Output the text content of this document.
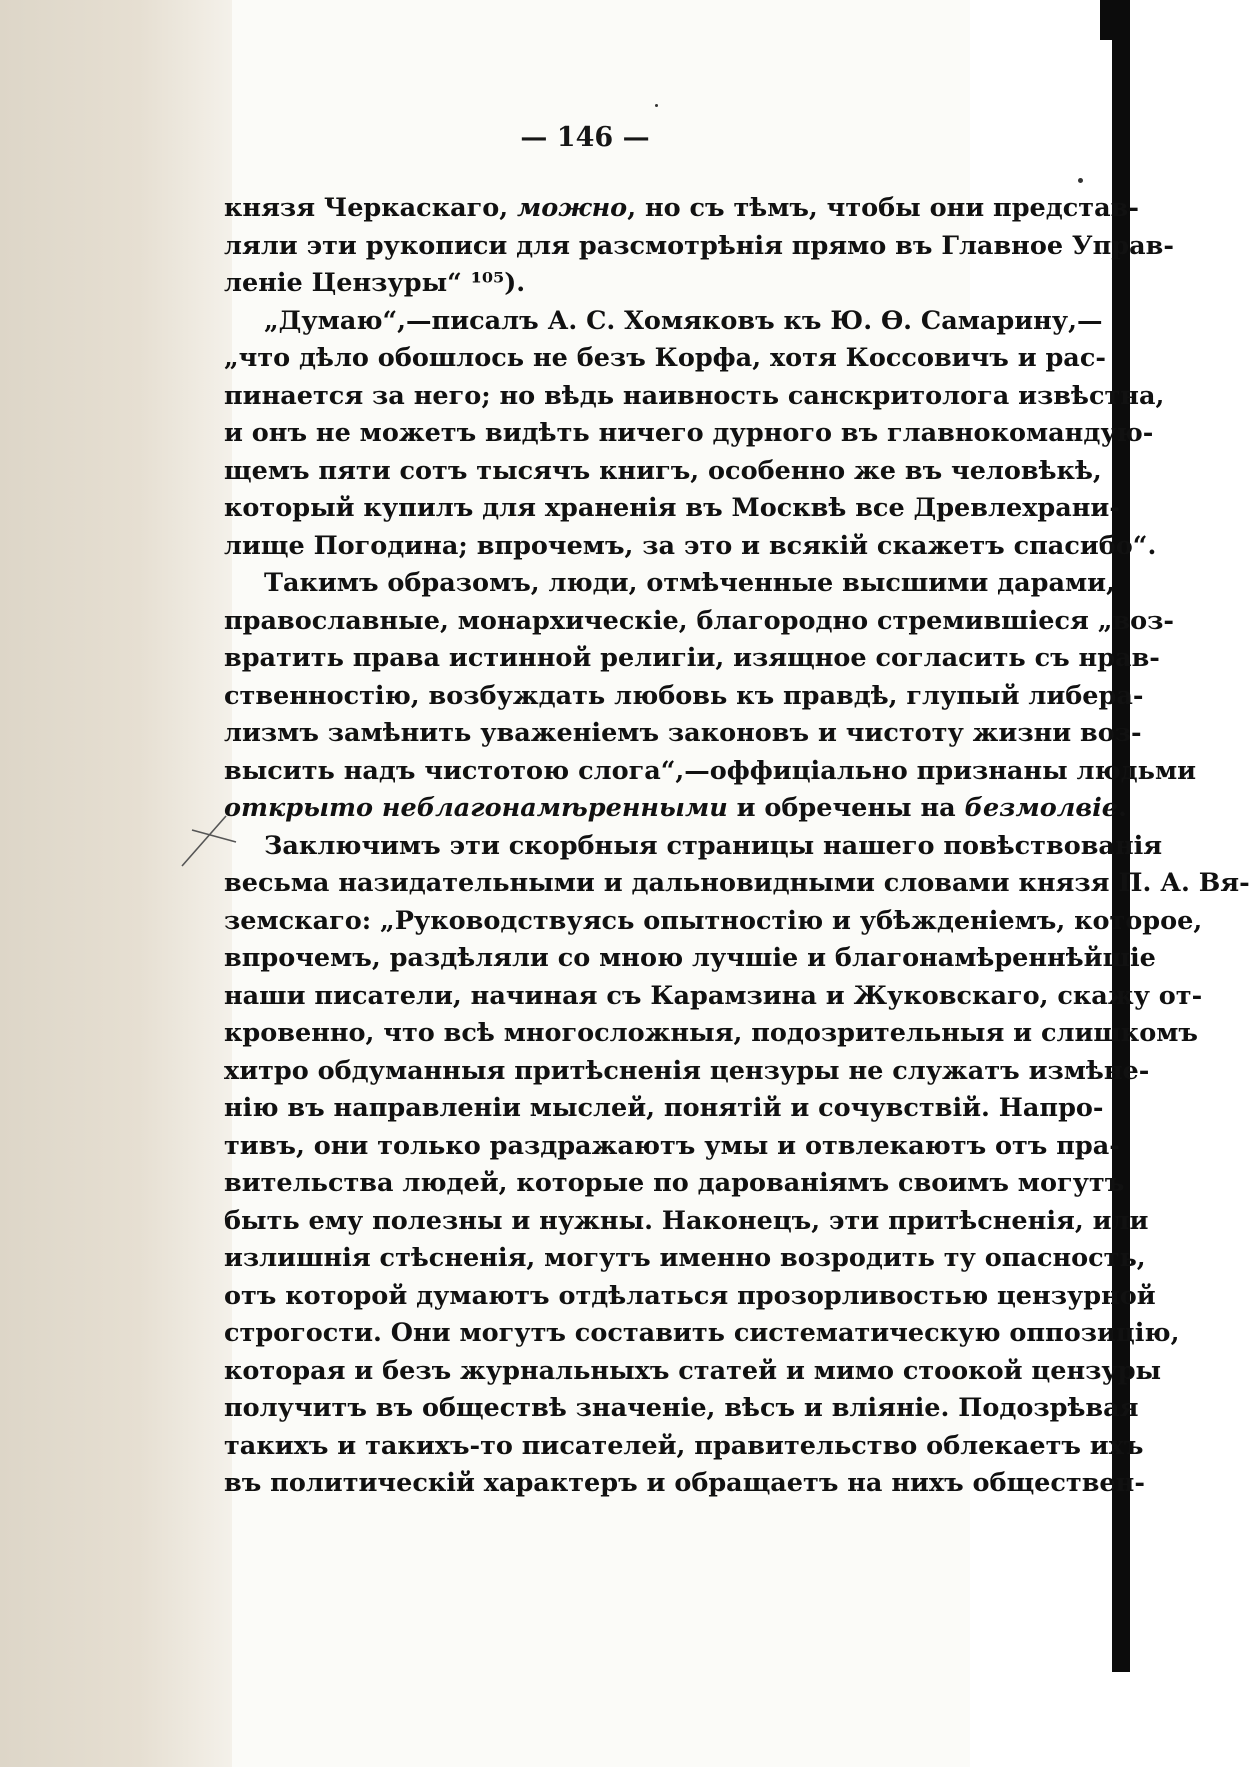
— 146 —
князя Черкаскаго, можно, но съ тѣмъ, чтобы они представ-
ляли эти рукописи для разсмотрѣнія прямо въ Главное Управ-
леніе Цензуры“ ¹⁰⁵).
„Думаю“,—писалъ А. С. Хомяковъ къ Ю. Ѳ. Самарину,—
„что дѣло обошлось не безъ Корфа, хотя Коссовичъ и рас-
пинается за него; но вѣдь наивность санскритолога извѣстна,
и онъ не можетъ видѣть ничего дурного въ главнокомандую-
щемъ пяти сотъ тысячъ книгъ, особенно же въ человѣкѣ,
который купилъ для храненія въ Москвѣ все Древлехрани-
лище Погодина; впрочемъ, за это и всякій скажетъ спасибо“.
Такимъ образомъ, люди, отмѣченные высшими дарами,
православные, монархическіе, благородно стремившіеся „воз-
вратить права истинной религіи, изящное согласить съ нрав-
ственностію, возбуждать любовь къ правдѣ, глупый либера-
лизмъ замѣнить уваженіемъ законовъ и чистоту жизни воз-
высить надъ чистотою слога“,—оффиціально признаны людьми
открыто неблагонамѣренными и обречены на безмолвіе.
Заключимъ эти скорбныя страницы нашего повѣствованія
весьма назидательными и дальновидными словами князя П. А. Вя-
земскаго: „Руководствуясь опытностію и убѣжденіемъ, которое,
впрочемъ, раздѣляли со мною лучшіе и благонамѣреннѣйшіе
наши писатели, начиная съ Карамзина и Жуковскаго, скажу от-
кровенно, что всѣ многосложныя, подозрительныя и слишкомъ
хитро обдуманныя притѣсненія цензуры не служатъ измѣне-
нію въ направленіи мыслей, понятій и сочувствій. Напро-
тивъ, они только раздражаютъ умы и отвлекаютъ отъ пра-
вительства людей, которые по дарованіямъ своимъ могутъ
быть ему полезны и нужны. Наконецъ, эти притѣсненія, или
излишнія стѣсненія, могутъ именно возродить ту опасность,
отъ которой думаютъ отдѣлаться прозорливостью цензурной
строгости. Они могутъ составить систематическую оппозицію,
которая и безъ журнальныхъ статей и мимо стоокой цензуры
получитъ въ обществѣ значеніе, вѣсъ и вліяніе. Подозрѣвая
такихъ и такихъ-то писателей, правительство облекаетъ ихъ
въ политическій характеръ и обращаетъ на нихъ обществен-
